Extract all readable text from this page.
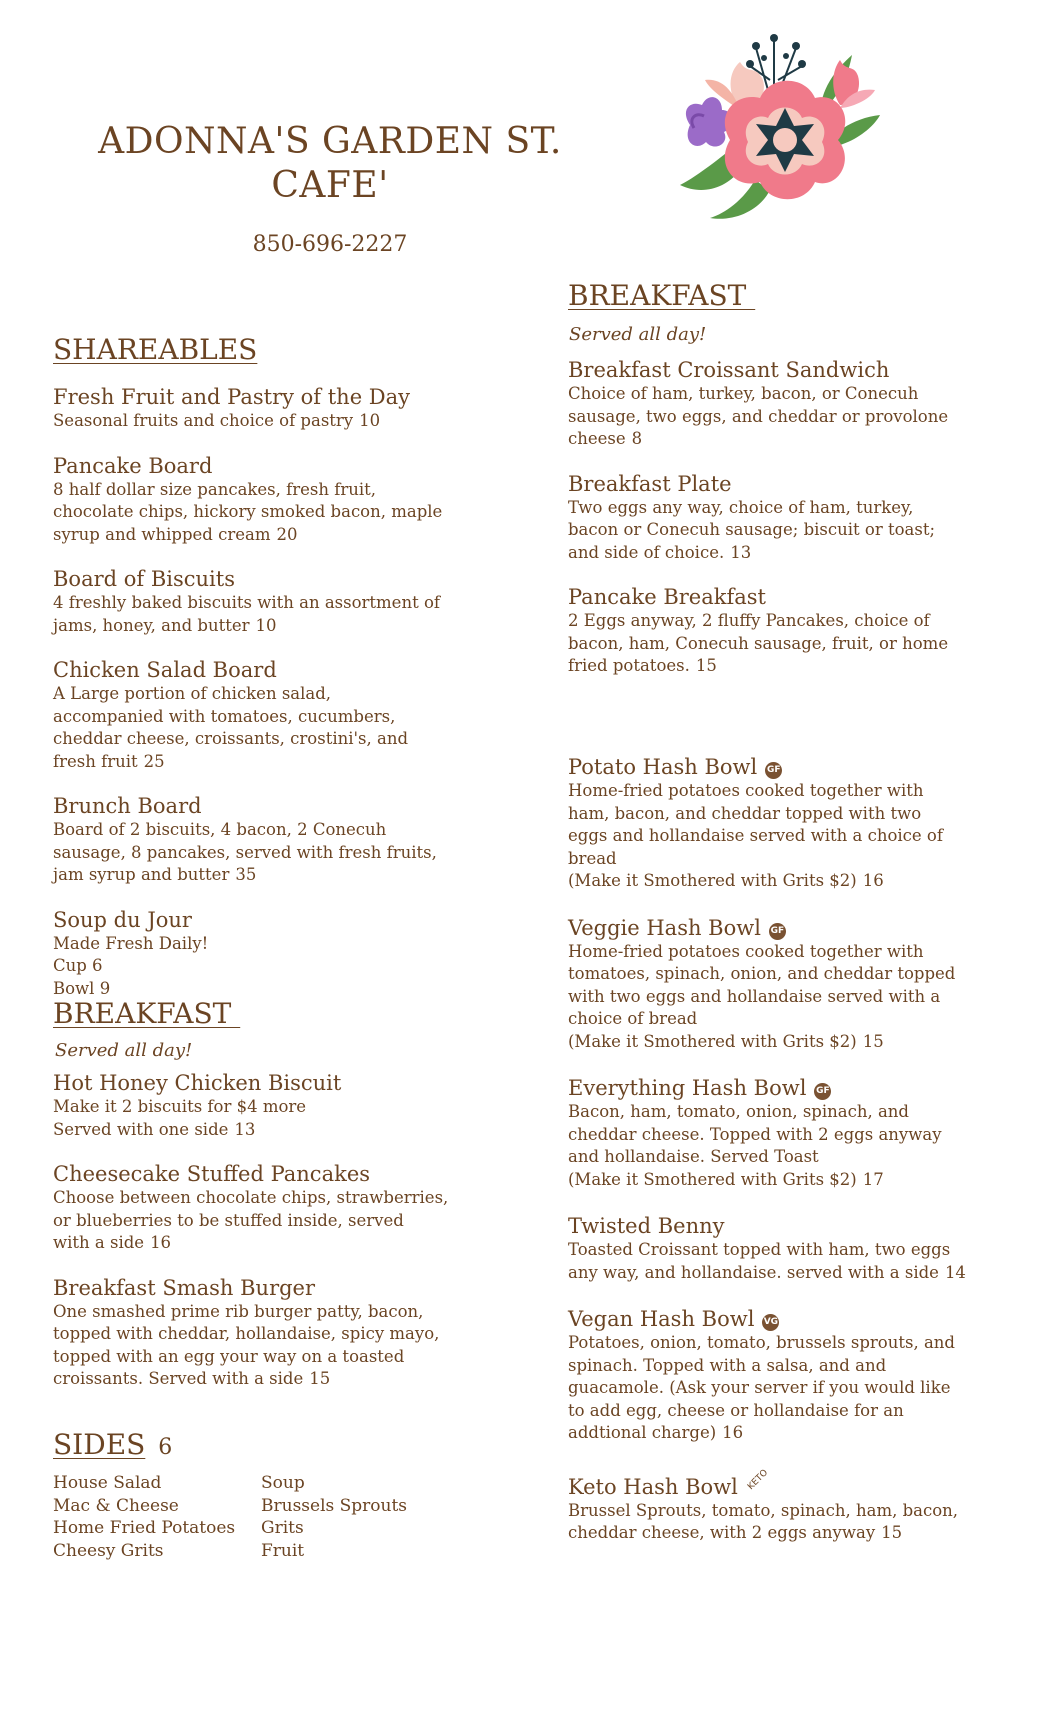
ADONNA'S GARDEN ST.
CAFE'
850-696-2227
SHAREABLES
Fresh Fruit and Pastry of the Day
Seasonal fruits and choice of pastry 10
Pancake Board
8 half dollar size pancakes, fresh fruit,
chocolate chips, hickory smoked bacon, maple
syrup and whipped cream 20
Board of Biscuits
4 freshly baked biscuits with an assortment of
jams, honey, and butter 10
Chicken Salad Board
A Large portion of chicken salad,
accompanied with tomatoes, cucumbers,
cheddar cheese, croissants, crostini's, and
fresh fruit 25
Brunch Board
Board of 2 biscuits, 4 bacon, 2 Conecuh
sausage, 8 pancakes, served with fresh fruits,
jam syrup and butter 35
Soup du Jour
Made Fresh Daily!
Cup 6
Bowl 9
BREAKFAST
Served all day!
Hot Honey Chicken Biscuit
Make it 2 biscuits for $4 more
Served with one side 13
Cheesecake Stuffed Pancakes
Choose between chocolate chips, strawberries,
or blueberries to be stuffed inside, served
with a side 16
Breakfast Smash Burger
One smashed prime rib burger patty, bacon,
topped with cheddar, hollandaise, spicy mayo,
topped with an egg your way on a toasted
croissants. Served with a side 15
SIDES 6
House Salad	Soup
Mac & Cheese	Brussels Sprouts
Home Fried Potatoes	Grits
Cheesy Grits	Fruit
BREAKFAST
Served all day!
Breakfast Croissant Sandwich
Choice of ham, turkey, bacon, or Conecuh
sausage, two eggs, and cheddar or provolone
cheese 8
Breakfast Plate
Two eggs any way, choice of ham, turkey,
bacon or Conecuh sausage; biscuit or toast;
and side of choice. 13
Pancake Breakfast
2 Eggs anyway, 2 fluffy Pancakes, choice of
bacon, ham, Conecuh sausage, fruit, or home
fried potatoes. 15
Potato Hash Bowl GF
Home-fried potatoes cooked together with
ham, bacon, and cheddar topped with two
eggs and hollandaise served with a choice of
bread
(Make it Smothered with Grits $2) 16
Veggie Hash Bowl GF
Home-fried potatoes cooked together with
tomatoes, spinach, onion, and cheddar topped
with two eggs and hollandaise served with a
choice of bread
(Make it Smothered with Grits $2) 15
Everything Hash Bowl GF
Bacon, ham, tomato, onion, spinach, and
cheddar cheese. Topped with 2 eggs anyway
and hollandaise. Served Toast
(Make it Smothered with Grits $2) 17
Twisted Benny
Toasted Croissant topped with ham, two eggs
any way, and hollandaise. served with a side 14
Vegan Hash Bowl VG
Potatoes, onion, tomato, brussels sprouts, and
spinach. Topped with a salsa, and and
guacamole. (Ask your server if you would like
to add egg, cheese or hollandaise for an
addtional charge) 16
Keto Hash Bowl KETO
Brussel Sprouts, tomato, spinach, ham, bacon,
cheddar cheese, with 2 eggs anyway 15
